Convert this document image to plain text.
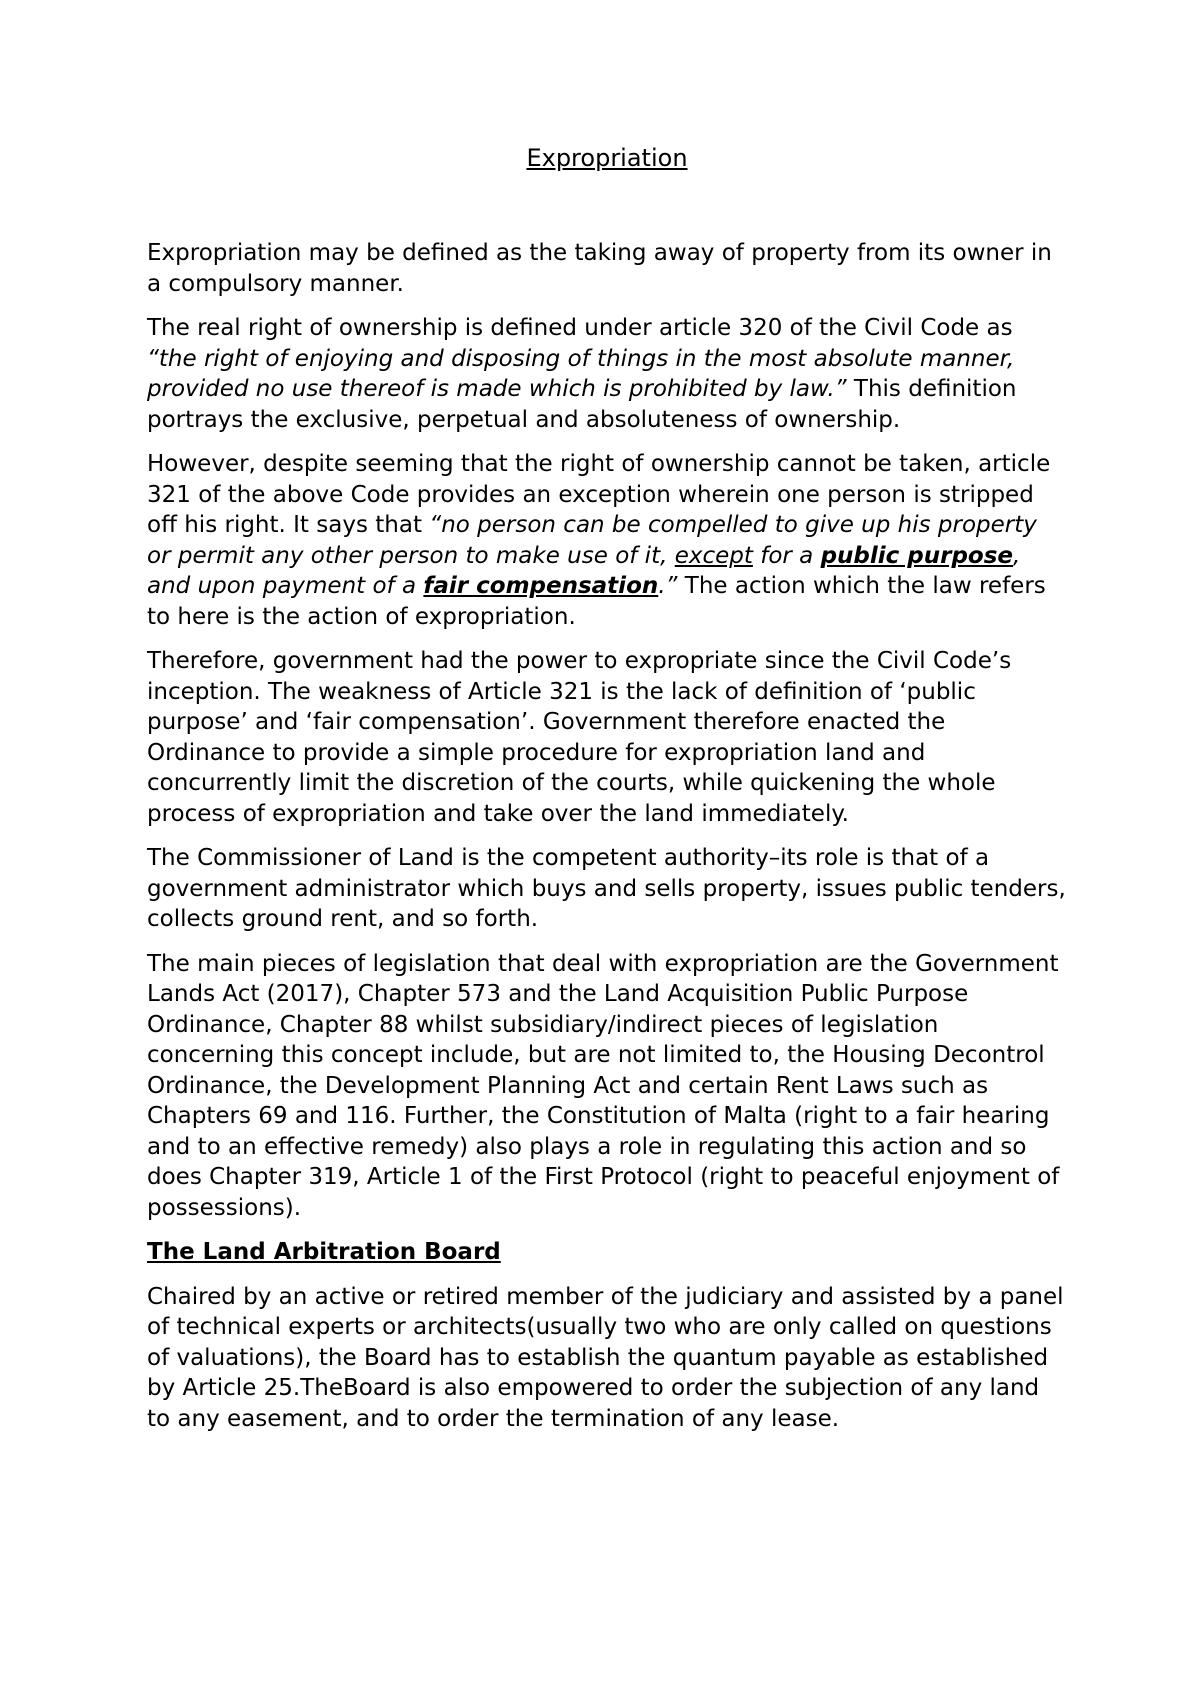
Expropriation

Expropriation may be defined as the taking away of property from its owner in a compulsory manner.

The real right of ownership is defined under article 320 of the Civil Code as “the right of enjoying and disposing of things in the most absolute manner, provided no use thereof is made which is prohibited by law.” This definition portrays the exclusive, perpetual and absoluteness of ownership.

However, despite seeming that the right of ownership cannot be taken, article 321 of the above Code provides an exception wherein one person is stripped off his right. It says that “no person can be compelled to give up his property or permit any other person to make use of it, except for a public purpose, and upon payment of a fair compensation.” The action which the law refers to here is the action of expropriation.

Therefore, government had the power to expropriate since the Civil Code’s inception. The weakness of Article 321 is the lack of definition of ‘public purpose’ and ‘fair compensation’. Government therefore enacted the Ordinance to provide a simple procedure for expropriation land and concurrently limit the discretion of the courts, while quickening the whole process of expropriation and take over the land immediately.

The Commissioner of Land is the competent authority–its role is that of a government administrator which buys and sells property, issues public tenders, collects ground rent, and so forth.

The main pieces of legislation that deal with expropriation are the Government Lands Act (2017), Chapter 573 and the Land Acquisition Public Purpose Ordinance, Chapter 88 whilst subsidiary/indirect pieces of legislation concerning this concept include, but are not limited to, the Housing Decontrol Ordinance, the Development Planning Act and certain Rent Laws such as Chapters 69 and 116. Further, the Constitution of Malta (right to a fair hearing and to an effective remedy) also plays a role in regulating this action and so does Chapter 319, Article 1 of the First Protocol (right to peaceful enjoyment of possessions).

The Land Arbitration Board

Chaired by an active or retired member of the judiciary and assisted by a panel of technical experts or architects(usually two who are only called on questions of valuations), the Board has to establish the quantum payable as established by Article 25.TheBoard is also empowered to order the subjection of any land to any easement, and to order the termination of any lease.
